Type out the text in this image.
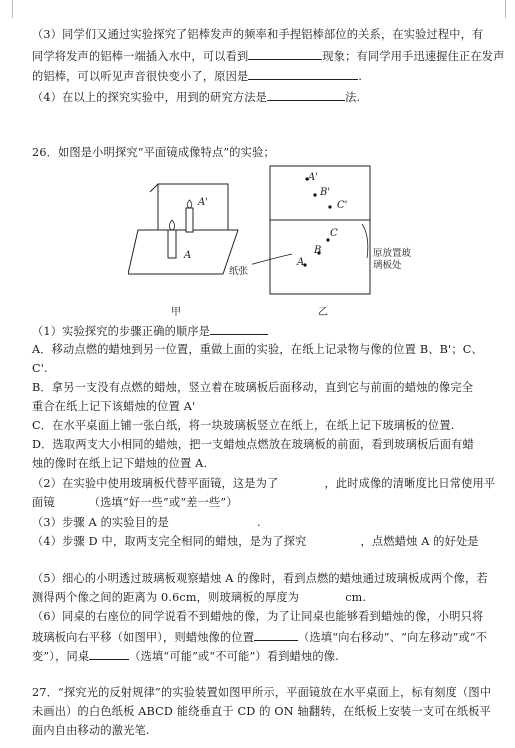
（3）同学们又通过实验探究了铝棒发声的频率和手捏铝棒部位的关系，在实验过程中，有
同学将发声的铝棒一端插入水中，可以看到	现象；有同学用手迅速握住正在发声
的铝棒，可以听见声音很快变小了，原因是	.
（4）在以上的探究实验中，用到的研究方法是	法.
26．如图是小明探究“平面镜成像特点”的实验；
A'
A
甲
A'
B'
C'
C
B
A
纸张
原放置玻璃板处
乙
（1）实验探究的步骤正确的顺序是
A．移动点燃的蜡烛到另一位置，重做上面的实验，在纸上记录物与像的位置 B、B'；C、
C'.
B．拿另一支没有点燃的蜡烛，竖立着在玻璃板后面移动，直到它与前面的蜡烛的像完全
重合在纸上记下该蜡烛的位置 A'
C．在水平桌面上铺一张白纸，将一块玻璃板竖立在纸上，在纸上记下玻璃板的位置.
D．选取两支大小相同的蜡烛，把一支蜡烛点燃放在玻璃板的前面，看到玻璃板后面有蜡
烛的像时在纸上记下蜡烛的位置 A.
（2）在实验中使用玻璃板代替平面镜，这是为了	，此时成像的清晰度比日常使用平
面镜	（选填“好一些”或“差一些”）
（3）步骤 A 的实验目的是	.
（4）步骤 D 中，取两支完全相同的蜡烛，是为了探究	，点燃蜡烛 A 的好处是
（5）细心的小明透过玻璃板观察蜡烛 A 的像时，看到点燃的蜡烛通过玻璃板成两个像，若
测得两个像之间的距离为 0.6cm，则玻璃板的厚度为	cm.
（6）同桌的右座位的同学说看不到蜡烛的像，为了让同桌也能够看到蜡烛的像，小明只将
玻璃板向右平移（如图甲），则蜡烛像的位置	（选填“向右移动”、“向左移动”或“不
变”），同桌	（选填“可能”或“不可能”）看到蜡烛的像.
27．“探究光的反射规律”的实验装置如图甲所示，平面镜放在水平桌面上，标有刻度（图中
未画出）的白色纸板 ABCD 能绕垂直于 CD 的 ON 轴翻转，在纸板上安装一支可在纸板平
面内自由移动的激光笔.
